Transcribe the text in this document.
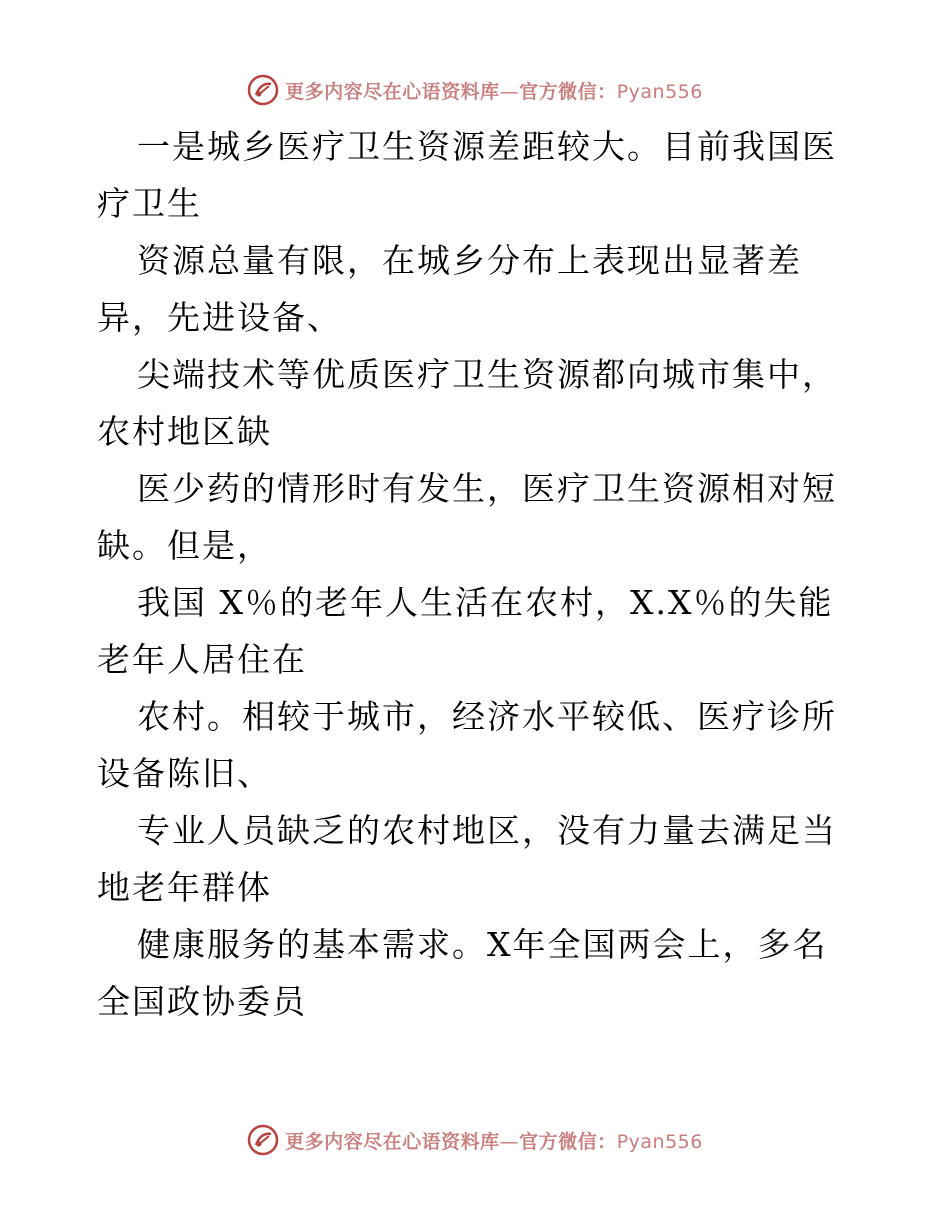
更多内容尽在心语资料库—官方微信：Pyan556

一是城乡医疗卫生资源差距较大。目前我国医疗卫生

资源总量有限，在城乡分布上表现出显著差异，先进设备、

尖端技术等优质医疗卫生资源都向城市集中，农村地区缺

医少药的情形时有发生，医疗卫生资源相对短缺。但是，

我国 X％的老年人生活在农村，X.X％的失能老年人居住在

农村。相较于城市，经济水平较低、医疗诊所设备陈旧、

专业人员缺乏的农村地区，没有力量去满足当地老年群体

健康服务的基本需求。X年全国两会上，多名全国政协委员

更多内容尽在心语资料库—官方微信：Pyan556
